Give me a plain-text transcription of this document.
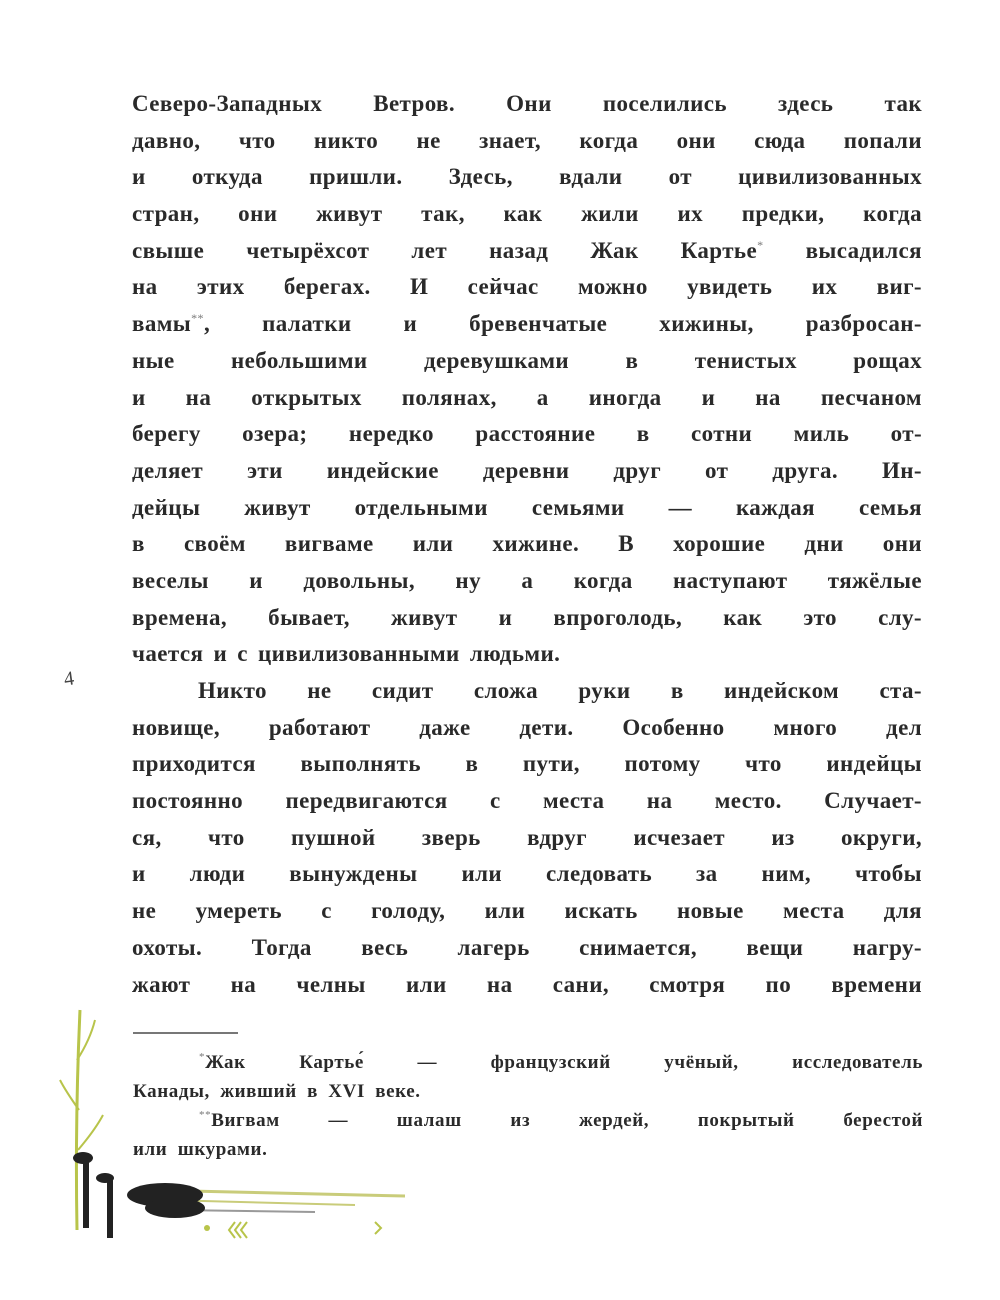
4
Северо-Западных Ветров. Они поселились здесь так
давно, что никто не знает, когда они сюда попали
и откуда пришли. Здесь, вдали от цивилизованных
стран, они живут так, как жили их предки, когда
свыше четырёхсот лет назад Жак Картье* высадился
на этих берегах. И сейчас можно увидеть их виг-
вамы**, палатки и бревенчатые хижины, разбросан-
ные небольшими деревушками в тенистых рощах
и на открытых полянах, а иногда и на песчаном
берегу озера; нередко расстояние в сотни миль от-
деляет эти индейские деревни друг от друга. Ин-
дейцы живут отдельными семьями — каждая семья
в своём вигваме или хижине. В хорошие дни они
веселы и довольны, ну а когда наступают тяжёлые
времена, бывает, живут и впроголодь, как это слу-
чается и с цивилизованными людьми.
Никто не сидит сложа руки в индейском ста-
новище, работают даже дети. Особенно много дел
приходится выполнять в пути, потому что индейцы
постоянно передвигаются с места на место. Случает-
ся, что пушной зверь вдруг исчезает из округи,
и люди вынуждены или следовать за ним, чтобы
не умереть с голоду, или искать новые места для
охоты. Тогда весь лагерь снимается, вещи нагру-
жают на челны или на сани, смотря по времени
*Жак Картье́ — французский учёный, исследователь
Канады, живший в XVI веке.
**Вигвам — шалаш из жердей, покрытый берестой
или шкурами.
